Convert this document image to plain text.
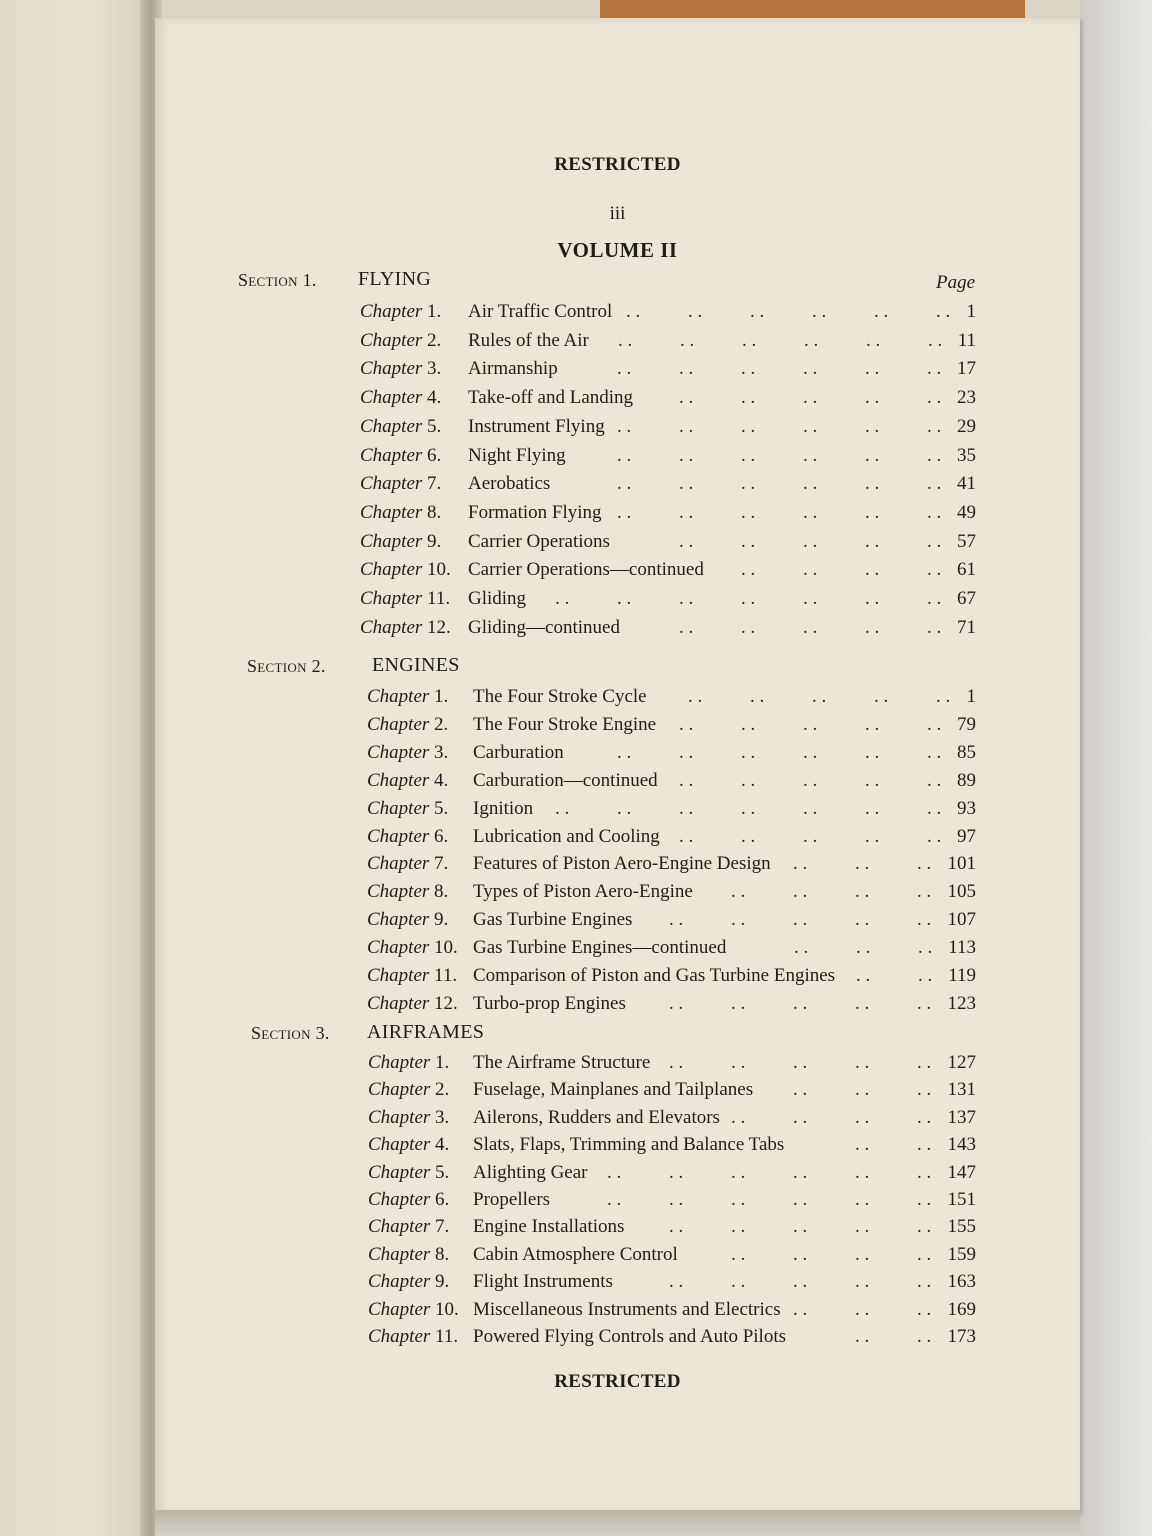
RESTRICTED
iii
VOLUME II
Page
Section 1. FLYING
Chapter 1. Air Traffic Control	1
. .	. .	. .	. .	. .	. .
Chapter 2. Rules of the Air	11
. .	. .	. .	. .	. .	. .
Chapter 3. Airmanship	17
. .	. .	. .	. .	. .	. .
Chapter 4. Take-off and Landing	23
. .	. .	. .	. .	. .
Chapter 5. Instrument Flying	29
. .	. .	. .	. .	. .	. .
Chapter 6. Night Flying	35
. .	. .	. .	. .	. .	. .
Chapter 7. Aerobatics	41
. .	. .	. .	. .	. .	. .
Chapter 8. Formation Flying	49
. .	. .	. .	. .	. .	. .
Chapter 9. Carrier Operations	57
. .	. .	. .	. .	. .
Chapter 10. Carrier Operations—continued	61
. .	. .	. .	. .
Chapter 11. Gliding	67
. .	. .	. .	. .	. .	. .	. .
Chapter 12. Gliding—continued	71
. .	. .	. .	. .	. .
Section 2. ENGINES
Chapter 1. The Four Stroke Cycle	1
. .	. .	. .	. .	. .
Chapter 2. The Four Stroke Engine	79
. .	. .	. .	. .	. .
Chapter 3. Carburation	85
. .	. .	. .	. .	. .	. .
Chapter 4. Carburation—continued	89
. .	. .	. .	. .	. .
Chapter 5. Ignition	93
. .	. .	. .	. .	. .	. .	. .
Chapter 6. Lubrication and Cooling	97
. .	. .	. .	. .	. .
Chapter 7. Features of Piston Aero-Engine Design	101
. .	. .	. .
Chapter 8. Types of Piston Aero-Engine	105
. .	. .	. .	. .
Chapter 9. Gas Turbine Engines	107
. .	. .	. .	. .	. .
Chapter 10. Gas Turbine Engines—continued	113
. .	. .	. .
Chapter 11. Comparison of Piston and Gas Turbine Engines	119
. .	. .
Chapter 12. Turbo-prop Engines	123
. .	. .	. .	. .	. .
Section 3. AIRFRAMES
Chapter 1. The Airframe Structure	127
. .	. .	. .	. .	. .
Chapter 2. Fuselage, Mainplanes and Tailplanes	131
. .	. .	. .
Chapter 3. Ailerons, Rudders and Elevators	137
. .	. .	. .	. .
Chapter 4. Slats, Flaps, Trimming and Balance Tabs	143
. .	. .
Chapter 5. Alighting Gear	147
. .	. .	. .	. .	. .	. .
Chapter 6. Propellers	151
. .	. .	. .	. .	. .	. .
Chapter 7. Engine Installations	155
. .	. .	. .	. .	. .
Chapter 8. Cabin Atmosphere Control	159
. .	. .	. .	. .
Chapter 9. Flight Instruments	163
. .	. .	. .	. .	. .
Chapter 10. Miscellaneous Instruments and Electrics	169
. .	. .	. .
Chapter 11. Powered Flying Controls and Auto Pilots	173
. .	. .
RESTRICTED
